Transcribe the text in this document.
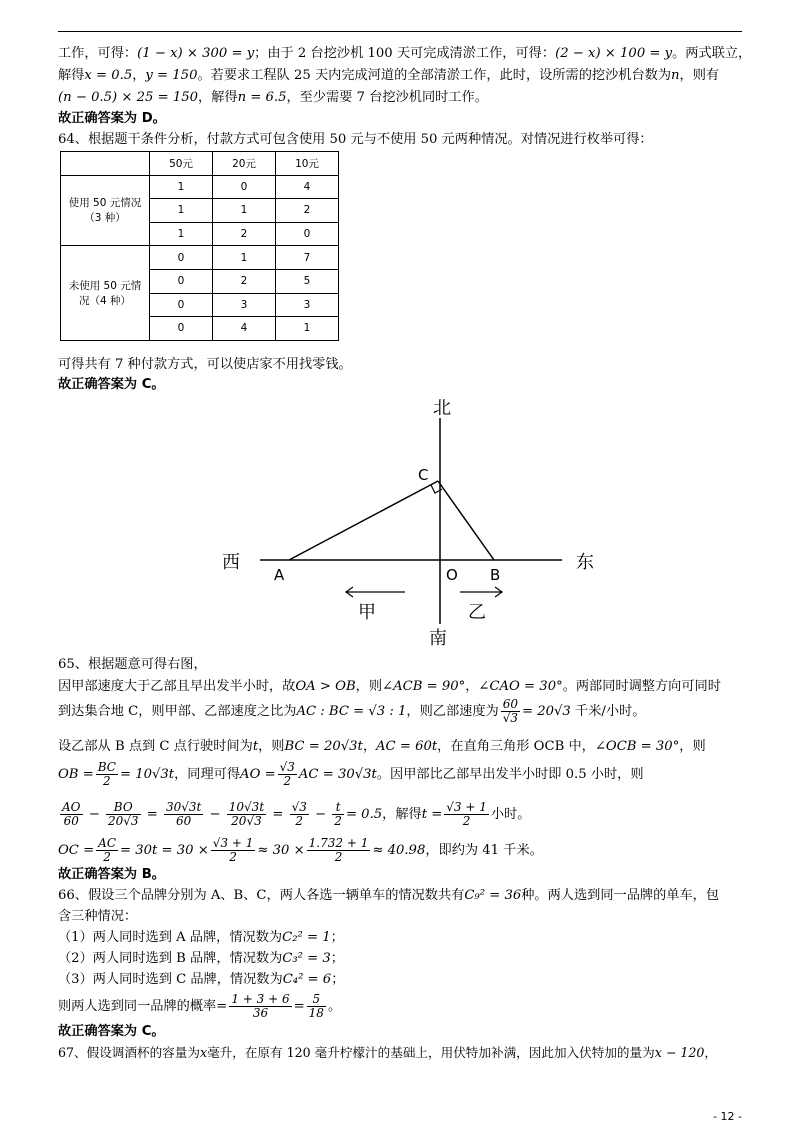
工作，可得：(1 − x) × 300 = y；由于 2 台挖沙机 100 天可完成清淤工作，可得：(2 − x) × 100 = y。两式联立，
解得x = 0.5，y = 150。若要求工程队 25 天内完成河道的全部清淤工作，此时，设所需的挖沙机台数为n，则有
(n − 0.5) × 25 = 150，解得n = 6.5，至少需要 7 台挖沙机同时工作。
故正确答案为 D。
64、根据题干条件分析，付款方式可包含使用 50 元与不使用 50 元两种情况。对情况进行枚举可得：
	50元	20元	10元
使用 50 元情况
（3 种）	1	0	4
	1	1	2
	1	2	0
未使用 50 元情
况（4 种）	0	1	7
	0	2	5
	0	3	3
	0	4	1
可得共有 7 种付款方式，可以使店家不用找零钱。
故正确答案为 C。
北
南
西	东
A	O B
C
甲	乙
65、根据题意可得右图，
因甲部速度大于乙部且早出发半小时，故OA > OB，则∠ACB = 90°，∠CAO = 30°。两部同时调整方向可同时
到达集合地 C，则甲部、乙部速度之比为AC : BC = √3 : 1，则乙部速度为 $\frac{60}{√3} = 20√3$ 千米/小时。
设乙部从 B 点到 C 点行驶时间为t，则BC = 20√3t，AC = 60t，在直角三角形 OCB 中，∠OCB = 30°，则
OB = $\frac{BC}{2} = 10√3t$，同理可得AO = $\frac{√3}{2}$ AC = 30√3t。因甲部比乙部早出发半小时即 0.5 小时，则
$\frac{AO}{60} - \frac{BO}{20√3} = \frac{30√3t}{60} - \frac{10√3t}{20√3} = \frac{√3}{2} - \frac{t}{2} = 0.5$，解得$t = \frac{√3 + 1}{2}$ 小时。
OC = $\frac{AC}{2} = 30t = 30 \times \frac{√3 + 1}{2} \approx 30 \times \frac{1.732 + 1}{2} \approx 40.98$，即约为 41 千米。
故正确答案为 B。
66、假设三个品牌分别为 A、B、C，两人各选一辆单车的情况数共有C₉² = 36种。两人选到同一品牌的单车，包
含三种情况：
（1）两人同时选到 A 品牌，情况数为C₂² = 1；
（2）两人同时选到 B 品牌，情况数为C₃² = 3；
（3）两人同时选到 C 品牌，情况数为C₄² = 6；
则两人选到同一品牌的概率= $\frac{1 + 3 + 6}{36} = \frac{5}{18}$ 。
故正确答案为 C。
67、假设调酒杯的容量为x毫升，在原有 120 毫升柠檬汁的基础上，用伏特加补满，因此加入伏特加的量为x − 120，
- 12 -
